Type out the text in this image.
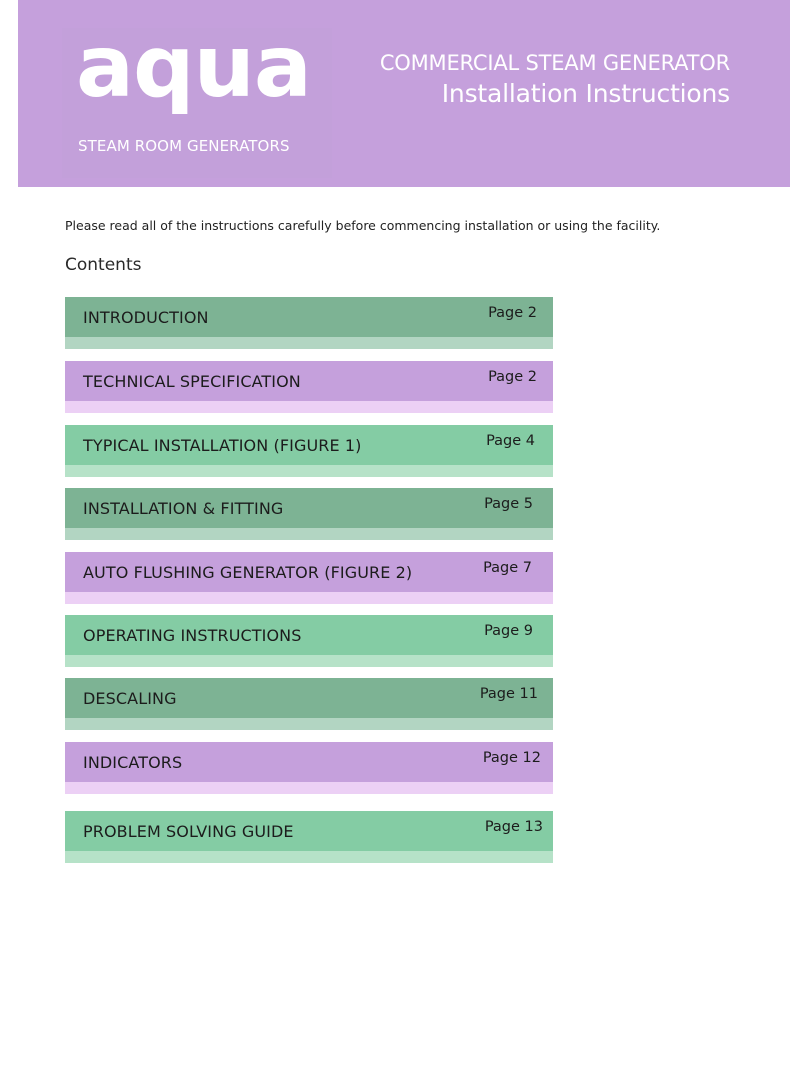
aqua
STEAM ROOM GENERATORS
COMMERCIAL STEAM GENERATOR
Installation Instructions
Please read all of the instructions carefully before commencing installation or using the facility.
Contents
INTRODUCTION	Page 2
TECHNICAL SPECIFICATION	Page 2
TYPICAL INSTALLATION (FIGURE 1)	Page 4
INSTALLATION & FITTING	Page 5
AUTO FLUSHING GENERATOR (FIGURE 2)	Page 7
OPERATING INSTRUCTIONS	Page 9
DESCALING	Page 11
INDICATORS	Page 12
PROBLEM SOLVING GUIDE	Page 13
